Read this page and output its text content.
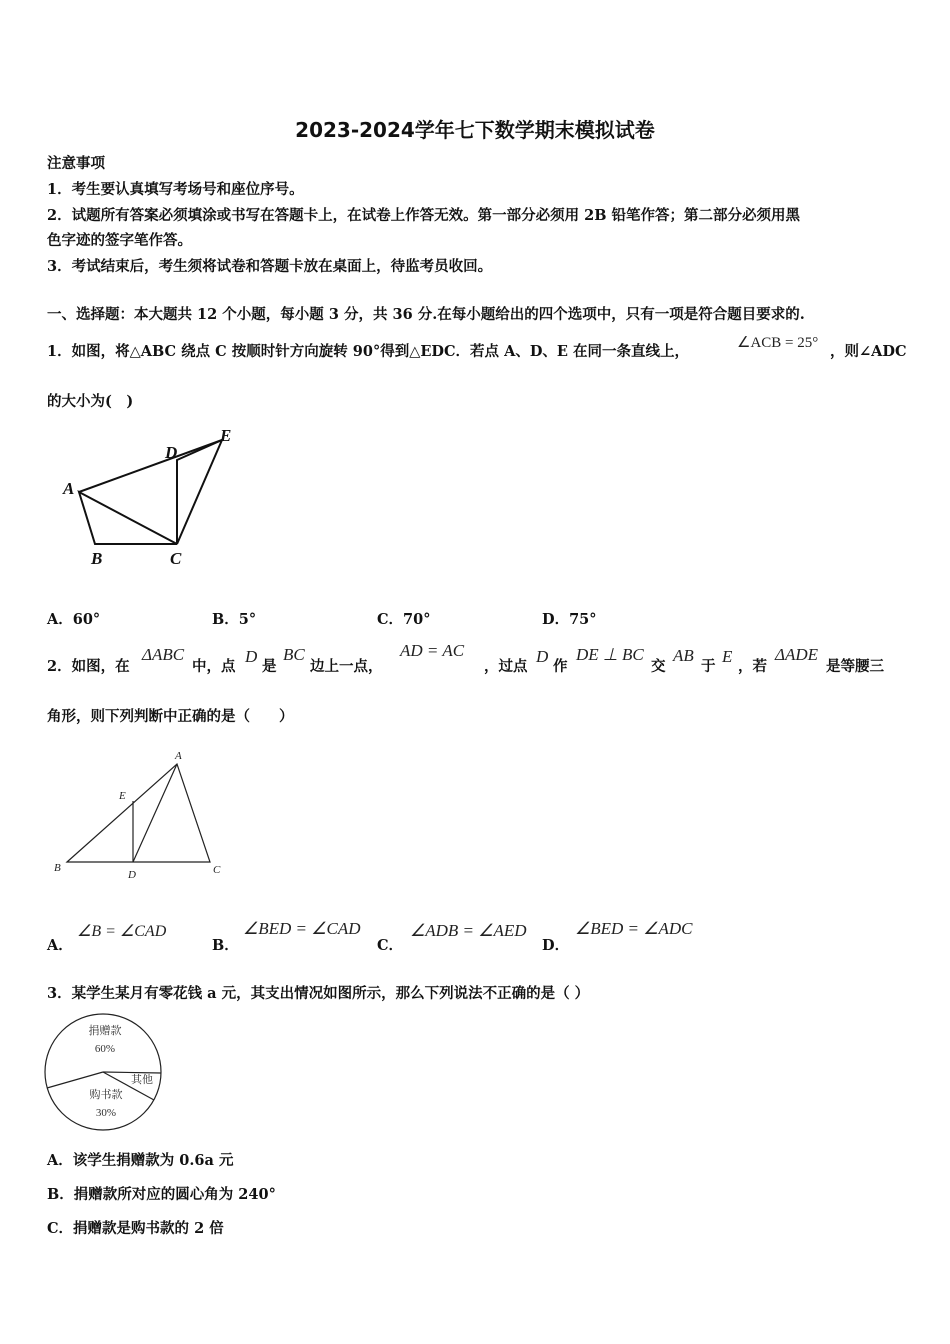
2023-2024学年七下数学期末模拟试卷
注意事项
1．考生要认真填写考场号和座位序号。
2．试题所有答案必须填涂或书写在答题卡上，在试卷上作答无效。第一部分必须用 2B 铅笔作答；第二部分必须用黑
色字迹的签字笔作答。
3．考试结束后，考生须将试卷和答题卡放在桌面上，待监考员收回。
一、选择题：本大题共 12 个小题，每小题 3 分，共 36 分.在每小题给出的四个选项中，只有一项是符合题目要求的.
1．如图，将△ABC 绕点 C 按顺时针方向旋转 90°得到△EDC．若点 A、D、E 在同一条直线上，	∠ACB = 25° ，则∠ADC
的大小为(　)
A
B	C
D
E
A．60°	B．5°	C．70°	D．75°
2．如图，在
ΔABC
中，点
D
是
BC
边上一点，
AD = AC
，过点
D
作
DE ⊥ BC
交
AB
于
E
，若
ΔADE
是等腰三
角形，则下列判断中正确的是（　　）
A
B	C
D
E
A．
∠B = ∠CAD
B．
∠BED = ∠CAD
C．
∠ADB = ∠AED
D．
∠BED = ∠ADC
3．某学生某月有零花钱 a 元，其支出情况如图所示，那么下列说法不正确的是（ ）
捐赠款
60%
购书款
30%
其他
A．该学生捐赠款为 0.6a 元
B．捐赠款所对应的圆心角为 240°
C．捐赠款是购书款的 2 倍
